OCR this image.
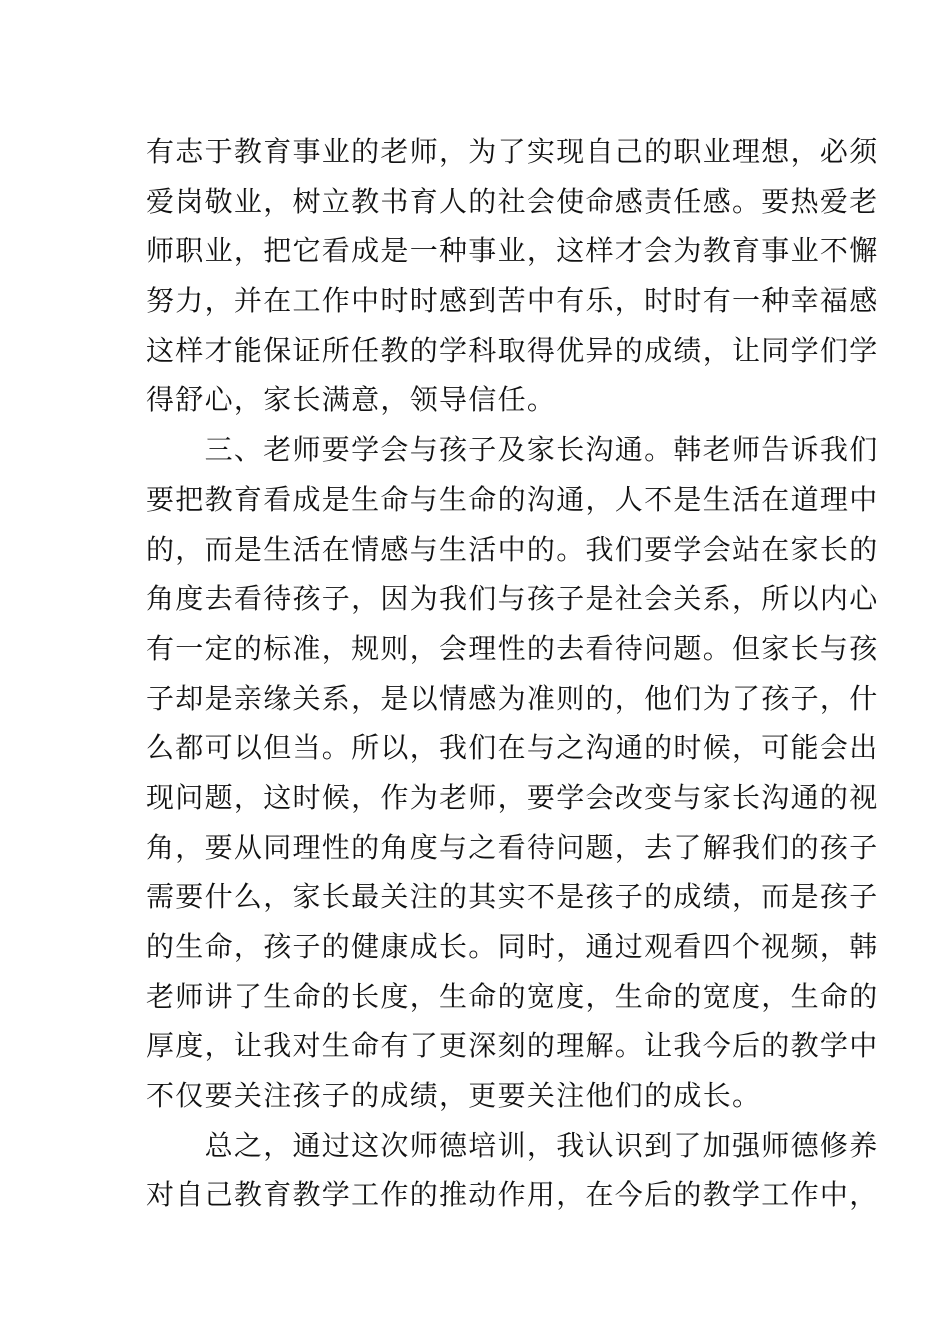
有志于教育事业的老师，为了实现自己的职业理想，必须
爱岗敬业，树立教书育人的社会使命感责任感。要热爱老
师职业，把它看成是一种事业，这样才会为教育事业不懈
努力，并在工作中时时感到苦中有乐，时时有一种幸福感
这样才能保证所任教的学科取得优异的成绩，让同学们学
得舒心，家长满意，领导信任。
　　三、老师要学会与孩子及家长沟通。韩老师告诉我们
要把教育看成是生命与生命的沟通，人不是生活在道理中
的，而是生活在情感与生活中的。我们要学会站在家长的
角度去看待孩子，因为我们与孩子是社会关系，所以内心
有一定的标准，规则，会理性的去看待问题。但家长与孩
子却是亲缘关系，是以情感为准则的，他们为了孩子，什
么都可以但当。所以，我们在与之沟通的时候，可能会出
现问题，这时候，作为老师，要学会改变与家长沟通的视
角，要从同理性的角度与之看待问题，去了解我们的孩子
需要什么，家长最关注的其实不是孩子的成绩，而是孩子
的生命，孩子的健康成长。同时，通过观看四个视频，韩
老师讲了生命的长度，生命的宽度，生命的宽度，生命的
厚度，让我对生命有了更深刻的理解。让我今后的教学中
不仅要关注孩子的成绩，更要关注他们的成长。
　　总之，通过这次师德培训，我认识到了加强师德修养
对自己教育教学工作的推动作用，在今后的教学工作中，
